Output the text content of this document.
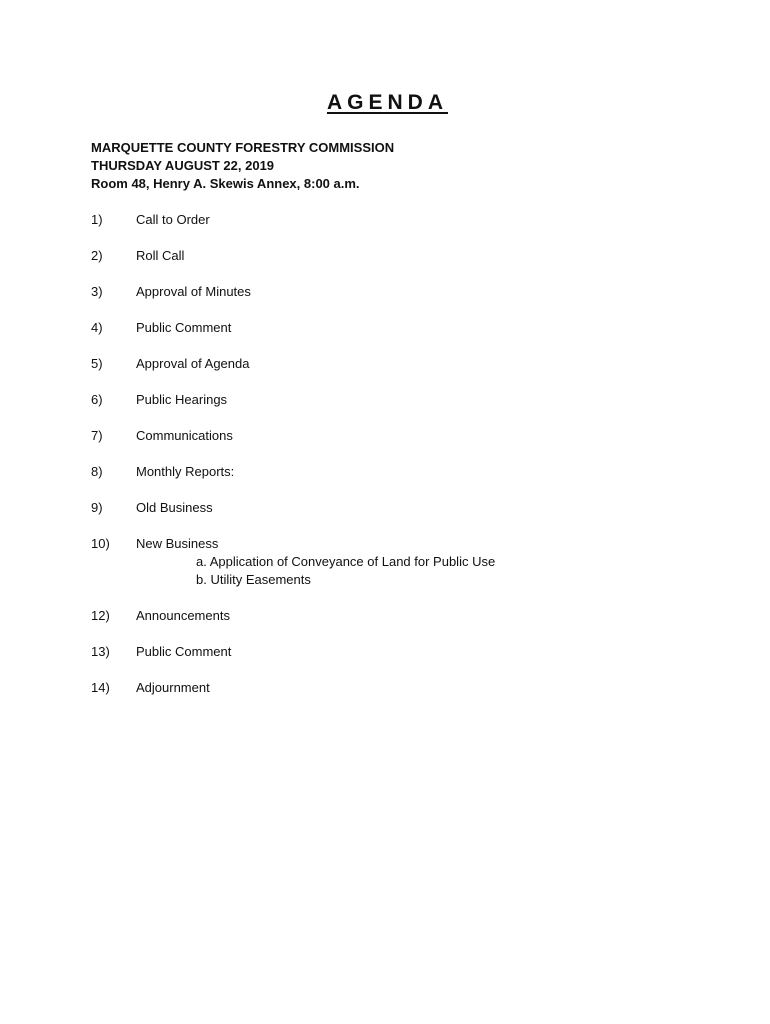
AGENDA
MARQUETTE COUNTY FORESTRY COMMISSION
THURSDAY AUGUST 22, 2019
Room 48, Henry A. Skewis Annex, 8:00 a.m.
1)	Call to Order
2)	Roll Call
3)	Approval of Minutes
4)	Public Comment
5)	Approval of Agenda
6)	Public Hearings
7)	Communications
8)	Monthly Reports:
9)	Old Business
10)	New Business
a. Application of Conveyance of Land for Public Use
b. Utility Easements
12)	Announcements
13)	Public Comment
14)	Adjournment
